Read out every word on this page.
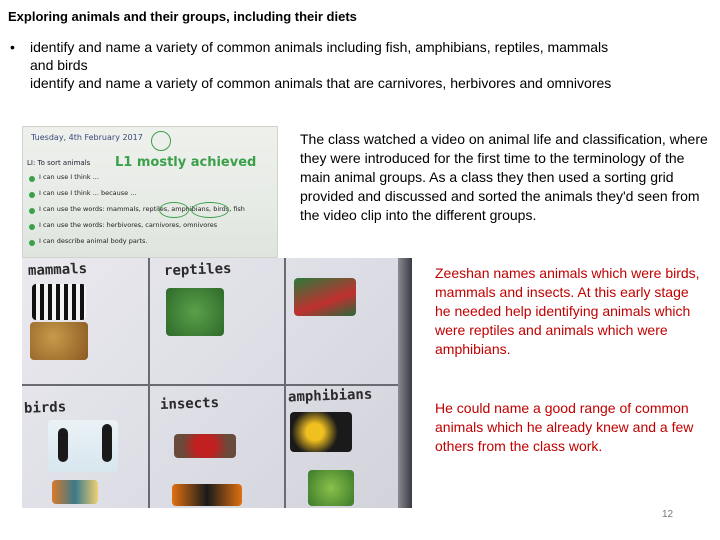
Exploring animals and their groups, including their diets
•	identify and name a variety of common animals including fish, amphibians, reptiles, mammals
and birds
identify and name a variety of common animals that are carnivores, herbivores and omnivores
Tuesday, 4th February 2017
LI: To sort animals L1 mostly achieved
I can use I think ...
I can use I think ... because ...
I can use the words: mammals, reptiles, amphibians, birds, fish
I can use the words: herbivores, carnivores, omnivores
I can describe animal body parts.
mammals	reptiles
birds	insects	amphibians
The class watched a video on animal life and classification, where they were introduced for the first time to the terminology of the main animal groups. As a class they then used a sorting grid provided and discussed and sorted the animals they'd seen from the video clip into the different groups.
Zeeshan names animals which were birds, mammals and insects. At this early stage he needed help identifying animals which were reptiles and animals which were amphibians.
He could name a good range of common animals which he already knew and a few others from the class work.
12
